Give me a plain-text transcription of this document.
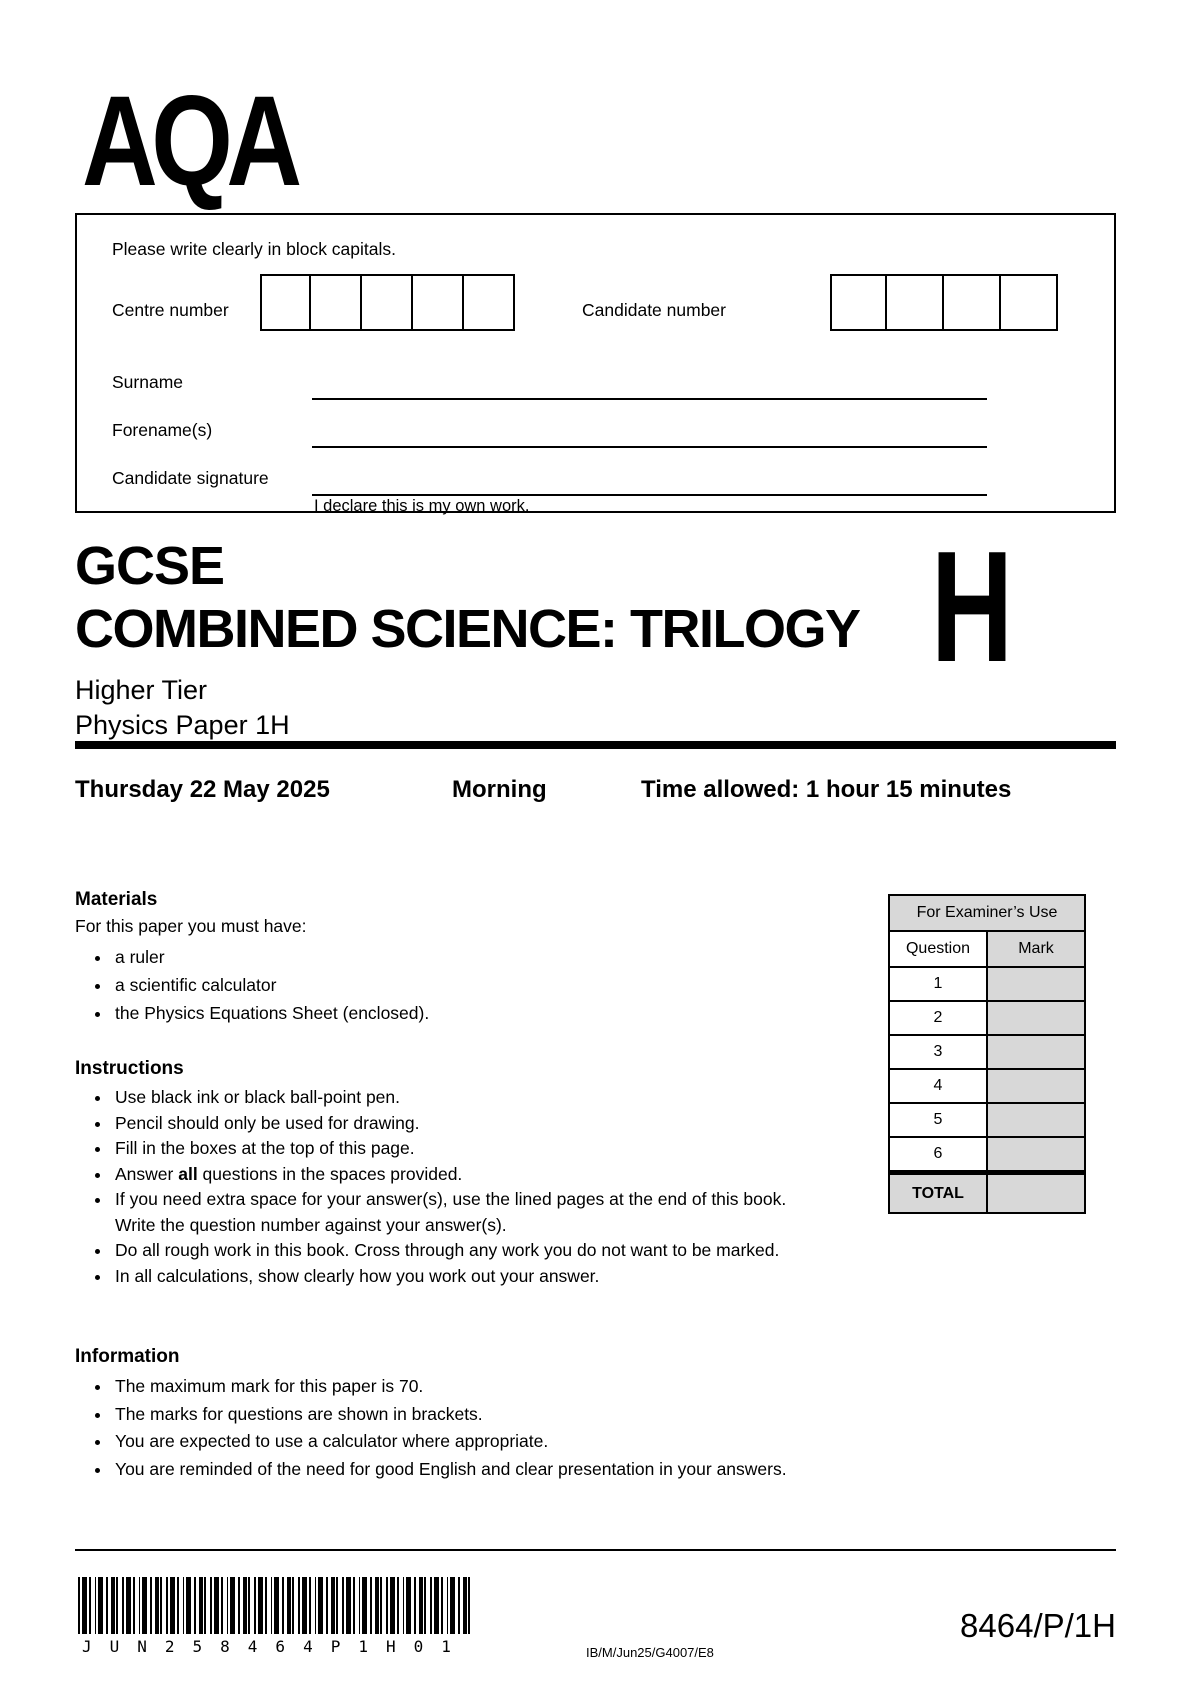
AQA
Please write clearly in block capitals.
Centre number	Candidate number
Surname
Forename(s)
Candidate signature
I declare this is my own work.
GCSE
COMBINED SCIENCE: TRILOGY H
Higher Tier
Physics Paper 1H
Thursday 22 May 2025	Morning	Time allowed: 1 hour 15 minutes
Materials
For this paper you must have:
• a ruler
• a scientific calculator
• the Physics Equations Sheet (enclosed).
For Examiner’s Use
Question	Mark
1
2
3
4
5
6
TOTAL
Instructions
• Use black ink or black ball-point pen.
• Pencil should only be used for drawing.
• Fill in the boxes at the top of this page.
• Answer all questions in the spaces provided.
• If you need extra space for your answer(s), use the lined pages at the end of this book. Write the question number against your answer(s).
• Do all rough work in this book. Cross through any work you do not want to be marked.
• In all calculations, show clearly how you work out your answer.
Information
• The maximum mark for this paper is 70.
• The marks for questions are shown in brackets.
• You are expected to use a calculator where appropriate.
• You are reminded of the need for good English and clear presentation in your answers.
JUN258464P1H01	IB/M/Jun25/G4007/E8
8464/P/1H
